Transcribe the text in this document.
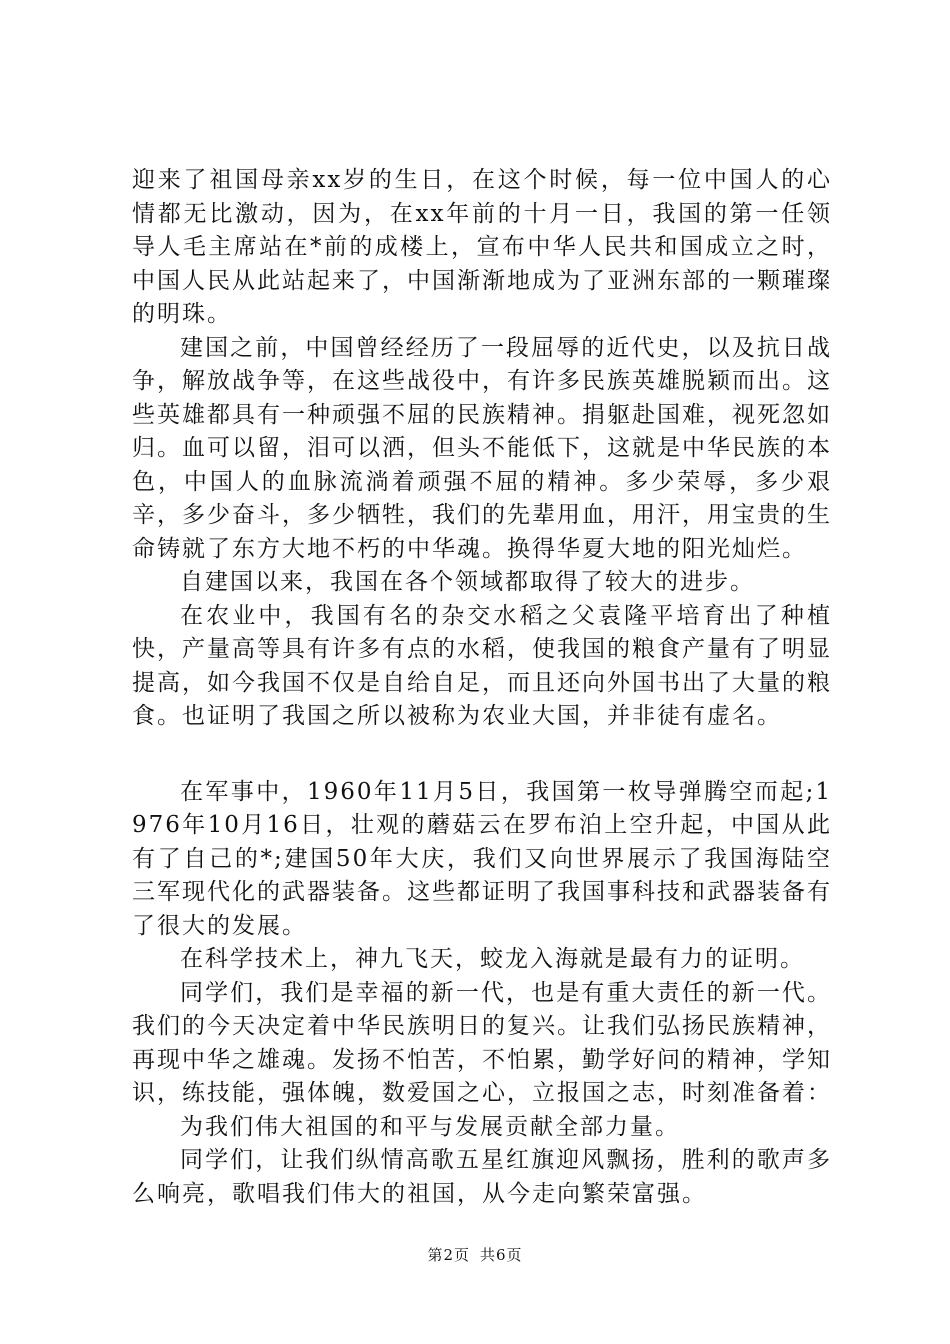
迎来了祖国母亲xx岁的生日，在这个时候，每一位中国人的心情都无比激动，因为，在xx年前的十月一日，我国的第一任领导人毛主席站在*前的成楼上，宣布中华人民共和国成立之时，中国人民从此站起来了，中国渐渐地成为了亚洲东部的一颗璀璨的明珠。

建国之前，中国曾经经历了一段屈辱的近代史，以及抗日战争，解放战争等，在这些战役中，有许多民族英雄脱颖而出。这些英雄都具有一种顽强不屈的民族精神。捐躯赴国难，视死忽如归。血可以留，泪可以洒，但头不能低下，这就是中华民族的本色，中国人的血脉流淌着顽强不屈的精神。多少荣辱，多少艰辛，多少奋斗，多少牺牲，我们的先辈用血，用汗，用宝贵的生命铸就了东方大地不朽的中华魂。换得华夏大地的阳光灿烂。

自建国以来，我国在各个领域都取得了较大的进步。

在农业中，我国有名的杂交水稻之父袁隆平培育出了种植快，产量高等具有许多有点的水稻，使我国的粮食产量有了明显提高，如今我国不仅是自给自足，而且还向外国书出了大量的粮食。也证明了我国之所以被称为农业大国，并非徒有虚名。

在军事中，1960年11月5日，我国第一枚导弹腾空而起;1976年10月16日，壮观的蘑菇云在罗布泊上空升起，中国从此有了自己的*;建国50年大庆，我们又向世界展示了我国海陆空三军现代化的武器装备。这些都证明了我国事科技和武器装备有了很大的发展。

在科学技术上，神九飞天，蛟龙入海就是最有力的证明。

同学们，我们是幸福的新一代，也是有重大责任的新一代。我们的今天决定着中华民族明日的复兴。让我们弘扬民族精神，再现中华之雄魂。发扬不怕苦，不怕累，勤学好问的精神，学知识，练技能，强体魄，数爱国之心，立报国之志，时刻准备着：

为我们伟大祖国的和平与发展贡献全部力量。

同学们，让我们纵情高歌五星红旗迎风飘扬，胜利的歌声多么响亮，歌唱我们伟大的祖国，从今走向繁荣富强。

第2页 共6页
